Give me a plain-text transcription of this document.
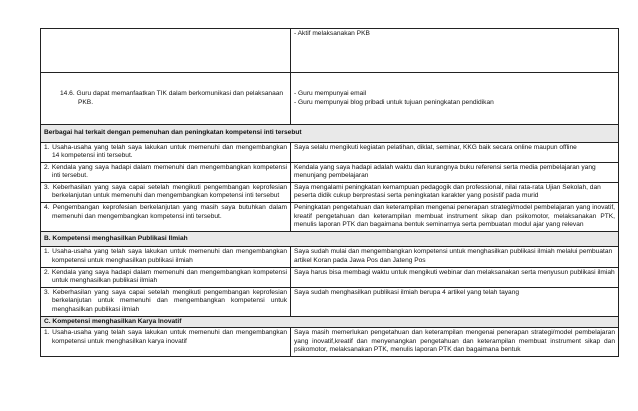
	- Aktif melaksanakan PKB

14.6. Guru dapat memanfaatkan TIK dalam berkomunikasi dan pelaksanaan
PKB.	- Guru mempunyai email
- Guru mempunyai blog pribadi untuk tujuan peningkatan pendidikan

Berbagai hal terkait dengan pemenuhan dan peningkatan kompetensi inti tersebut	

1. Usaha-usaha yang telah saya lakukan untuk memenuhi dan mengembangkan 14 kompetensi inti tersebut.	Saya selalu mengikuti kegiatan pelatihan, diklat, seminar, KKG baik secara online maupun offline

2. Kendala yang saya hadapi dalam memenuhi dan mengembangkan kompetensi inti tersebut.	Kendala yang saya hadapi adalah waktu dan kurangnya buku referensi serta media pembelajaran yang menunjang pembelajaran

3. Keberhasilan yang saya capai setelah mengikuti pengembangan keprofesian berkelanjutan untuk memenuhi dan mengembangkan kompetensi inti tersebut	Saya mengalami peningkatan kemampuan pedagogik dan professional, nilai rata-rata Ujian Sekolah, dan peserta didik cukup berprestasi serta peningkatan karakter yang posistif pada murid

4. Pengembangan keprofesian berkelanjutan yang masih saya butuhkan dalam memenuhi dan mengembangkan kompetensi inti tersebut.	Peningkatan pengetahuan dan keterampilan mengenai penerapan strategi/model pembelajaran yang inovatif, kreatif pengetahuan dan keterampilan membuat instrument sikap dan psikomotor, melaksanakan PTK, menulis laporan PTK dan bagaimana bentuk seminarnya serta pembuatan modul ajar yang relevan
B. Kompetensi menghasilkan Publikasi Ilmiah	

1. Usaha-usaha yang telah saya lakukan untuk memenuhi dan mengembangkan kompetensi untuk menghasilkan publikasi ilmiah	Saya sudah mulai dan mengembangkan kompetensi untuk menghasilkan publikasi ilmiah melalui pembuatan artikel Koran pada Jawa Pos dan Jateng Pos

2. Kendala yang saya hadapi dalam memenuhi dan mengembangkan kompetensi untuk menghasilkan publikasi ilmiah	Saya harus bisa membagi waktu untuk mengikuti webinar dan melaksanakan serta menyusun publikasi ilmiah

3. Keberhasilan yang saya capai setelah mengikuti pengembangan keprofesian berkelanjutan untuk memenuhi dan mengembangkan kompetensi untuk menghasilkan publikasi ilmiah	Saya sudah menghasilkan publikasi ilmiah berupa 4 artikel yang telah tayang
C. Kompetensi menghasilkan Karya Inovatif	

1. Usaha-usaha yang telah saya lakukan untuk memenuhi dan mengembangkan kompetensi untuk menghasilkan karya inovatif	Saya masih memerlukan pengetahuan dan keterampilan mengenai penerapan strategi/model pembelajaran yang inovatif,kreatif dan menyenangkan pengetahuan dan keterampilan membuat instrument sikap dan psikomotor, melaksanakan PTK, menulis laporan PTK dan bagaimana bentuk
